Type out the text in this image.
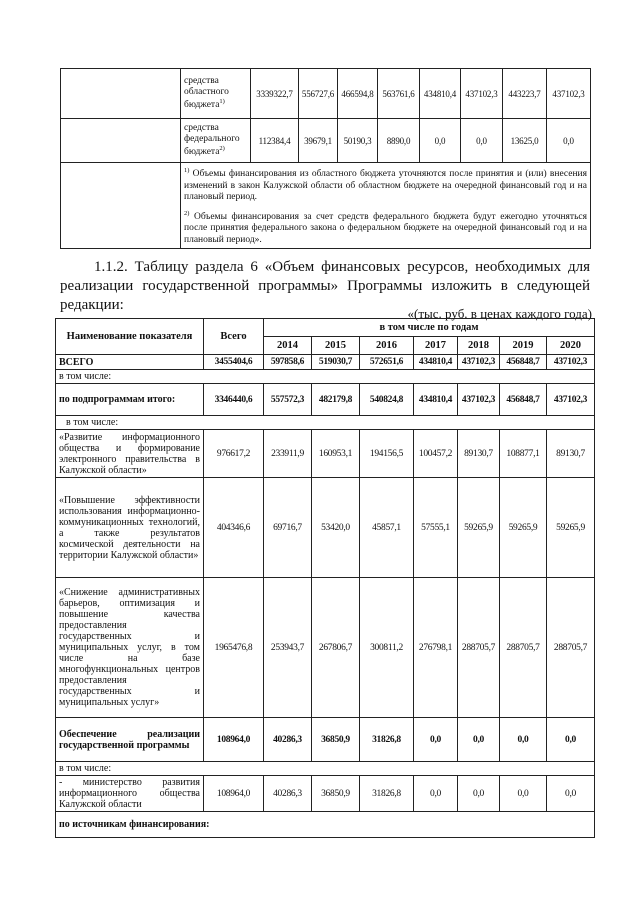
	средства областного бюджета$^{1)}$	3339322,7	556727,6	466594,8	563761,6	434810,4	437102,3	443223,7	437102,3
	средства федерального бюджета$^{2)}$	112384,4	39679,1	50190,3	8890,0	0,0	0,0	13625,0	0,0

	$^{1)}$ Объемы финансирования из областного бюджета уточняются после принятия и (или) внесения изменений в закон Калужской области об областном бюджете на очередной финансовый год и на плановый период.
$^{2)}$ Объемы финансирования за счет средств федерального бюджета будут ежегодно уточняться после принятия федерального закона о федеральном бюджете на очередной финансовый год и на плановый период».								

1.1.2. Таблицу раздела 6 «Объем финансовых ресурсов, необходимых для реализации государственной программы» Программы изложить в следующей редакции:

«(тыс. руб. в ценах каждого года)

Наименование показателя	Всего	в том числе по годам						
		2014	2015	2016	2017	2018	2019	2020
ВСЕГО	3455404,6	597858,6	519030,7	572651,6	434810,4	437102,3	456848,7	437102,3
в том числе:								
по подпрограммам итого:	3346440,6	557572,3	482179,8	540824,8	434810,4	437102,3	456848,7	437102,3
в том числе:								
«Развитие информационного общества и формирование электронного правительства в Калужской области»	976617,2	233911,9	160953,1	194156,5	100457,2	89130,7	108877,1	89130,7
«Повышение эффективности использования информационно-коммуникационных технологий, а также результатов космической деятельности на территории Калужской области»	404346,6	69716,7	53420,0	45857,1	57555,1	59265,9	59265,9	59265,9
«Снижение административных барьеров, оптимизация и повышение качества предоставления государственных и муниципальных услуг, в том числе на базе многофункциональных центров предоставления государственных и муниципальных услуг»	1965476,8	253943,7	267806,7	300811,2	276798,1	288705,7	288705,7	288705,7
Обеспечение реализации государственной программы	108964,0	40286,3	36850,9	31826,8	0,0	0,0	0,0	0,0
в том числе:								
- министерство развития информационного общества Калужской области	108964,0	40286,3	36850,9	31826,8	0,0	0,0	0,0	0,0
по источникам финансирования:								
